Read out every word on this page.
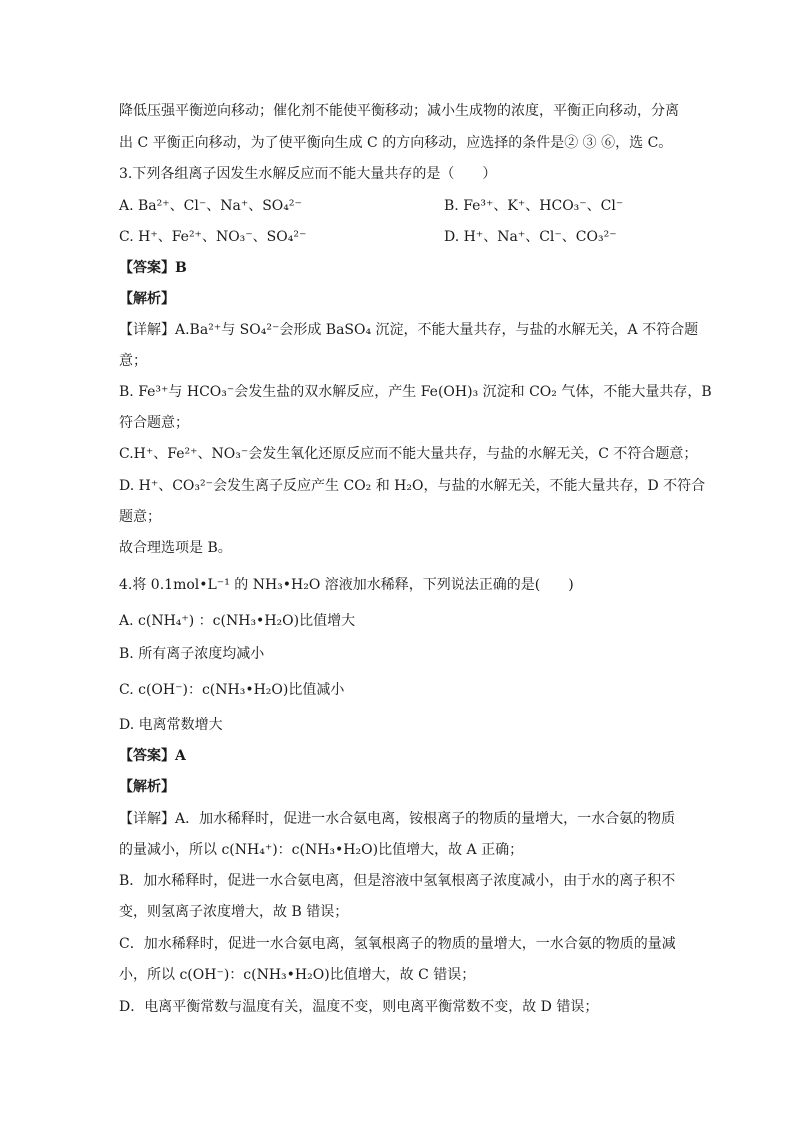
降低压强平衡逆向移动；催化剂不能使平衡移动；减小生成物的浓度，平衡正向移动，分离
出 C 平衡正向移动，为了使平衡向生成 C 的方向移动，应选择的条件是② ③ ⑥，选 C。
3.下列各组离子因发生水解反应而不能大量共存的是（　　）
A. Ba²⁺、Cl⁻、Na⁺、SO₄²⁻	B. Fe³⁺、K⁺、HCO₃⁻、Cl⁻
C. H⁺、Fe²⁺、NO₃⁻、SO₄²⁻	D. H⁺、Na⁺、Cl⁻、CO₃²⁻
【答案】B
【解析】
【详解】A.Ba²⁺与 SO₄²⁻会形成 BaSO₄ 沉淀，不能大量共存，与盐的水解无关，A 不符合题
意；
B. Fe³⁺与 HCO₃⁻会发生盐的双水解反应，产生 Fe(OH)₃ 沉淀和 CO₂ 气体，不能大量共存，B
符合题意；
C.H⁺、Fe²⁺、NO₃⁻会发生氧化还原反应而不能大量共存，与盐的水解无关，C 不符合题意；
D. H⁺、CO₃²⁻会发生离子反应产生 CO₂ 和 H₂O，与盐的水解无关，不能大量共存，D 不符合
题意；
故合理选项是 B。
4.将 0.1mol•L⁻¹ 的 NH₃•H₂O 溶液加水稀释，下列说法正确的是(　　)
A. c(NH₄⁺) ：c(NH₃•H₂O)比值增大
B. 所有离子浓度均减小
C. c(OH⁻)：c(NH₃•H₂O)比值减小
D. 电离常数增大
【答案】A
【解析】
【详解】A．加水稀释时，促进一水合氨电离，铵根离子的物质的量增大，一水合氨的物质
的量减小，所以 c(NH₄⁺)：c(NH₃•H₂O)比值增大，故 A 正确；
B．加水稀释时，促进一水合氨电离，但是溶液中氢氧根离子浓度减小，由于水的离子积不
变，则氢离子浓度增大，故 B 错误；
C．加水稀释时，促进一水合氨电离，氢氧根离子的物质的量增大，一水合氨的物质的量减
小，所以 c(OH⁻)：c(NH₃•H₂O)比值增大，故 C 错误；
D．电离平衡常数与温度有关，温度不变，则电离平衡常数不变，故 D 错误；
